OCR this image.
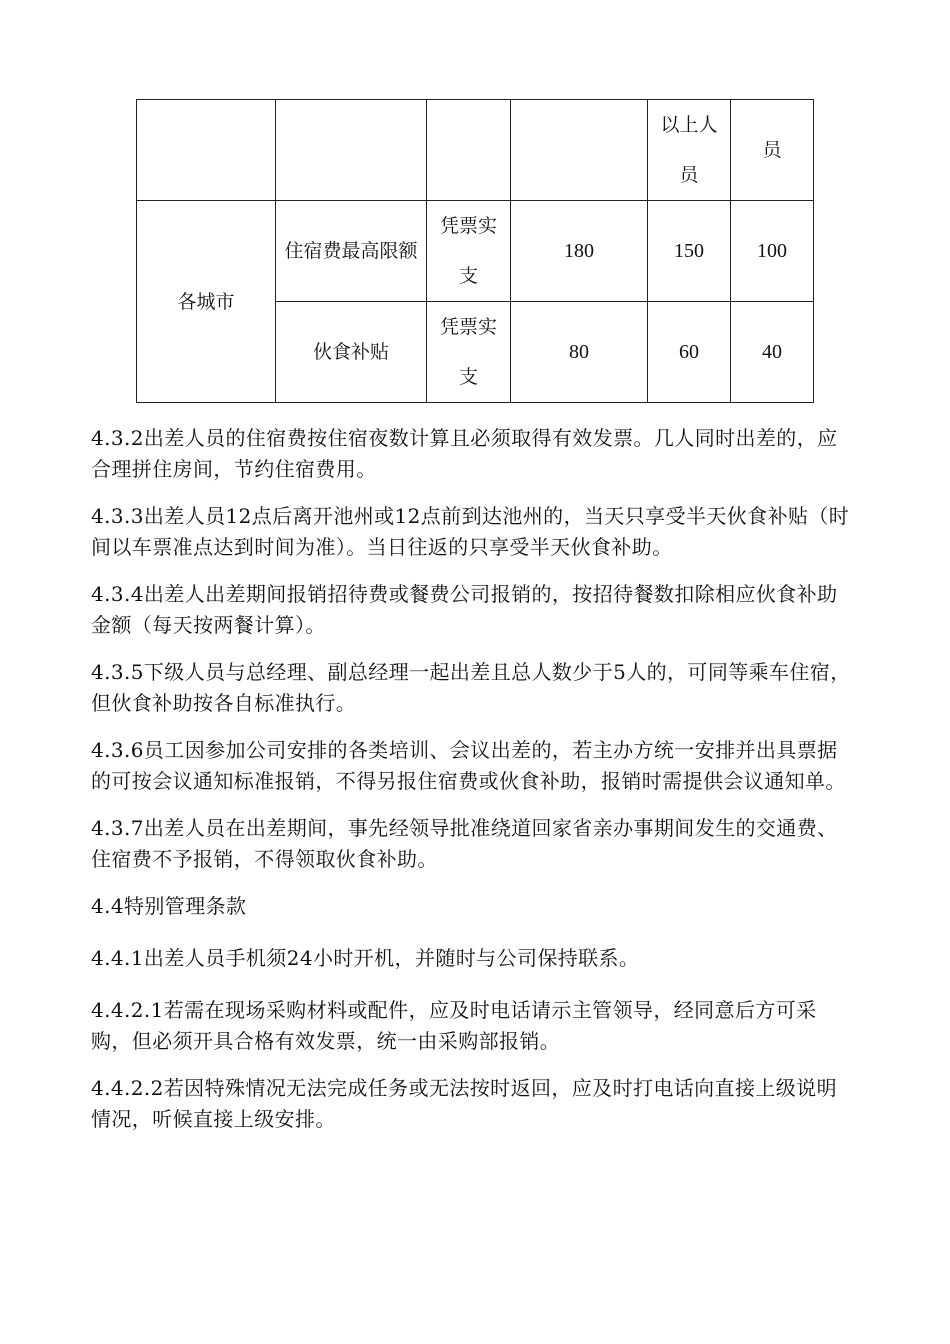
				以上人员	员
各城市	住宿费最高限额	凭票实支	180	150	100
	伙食补贴	凭票实支	80	60	40

4.3.2出差人员的住宿费按住宿夜数计算且必须取得有效发票。几人同时出差的，应合理拼住房间，节约住宿费用。

4.3.3出差人员12点后离开池州或12点前到达池州的，当天只享受半天伙食补贴（时间以车票准点达到时间为准）。当日往返的只享受半天伙食补助。

4.3.4出差人出差期间报销招待费或餐费公司报销的，按招待餐数扣除相应伙食补助金额（每天按两餐计算）。

4.3.5下级人员与总经理、副总经理一起出差且总人数少于5人的，可同等乘车住宿，但伙食补助按各自标准执行。

4.3.6员工因参加公司安排的各类培训、会议出差的，若主办方统一安排并出具票据的可按会议通知标准报销，不得另报住宿费或伙食补助，报销时需提供会议通知单。

4.3.7出差人员在出差期间，事先经领导批准绕道回家省亲办事期间发生的交通费、住宿费不予报销，不得领取伙食补助。

4.4特别管理条款

4.4.1出差人员手机须24小时开机，并随时与公司保持联系。

4.4.2.1若需在现场采购材料或配件，应及时电话请示主管领导，经同意后方可采购，但必须开具合格有效发票，统一由采购部报销。

4.4.2.2若因特殊情况无法完成任务或无法按时返回，应及时打电话向直接上级说明情况，听候直接上级安排。
